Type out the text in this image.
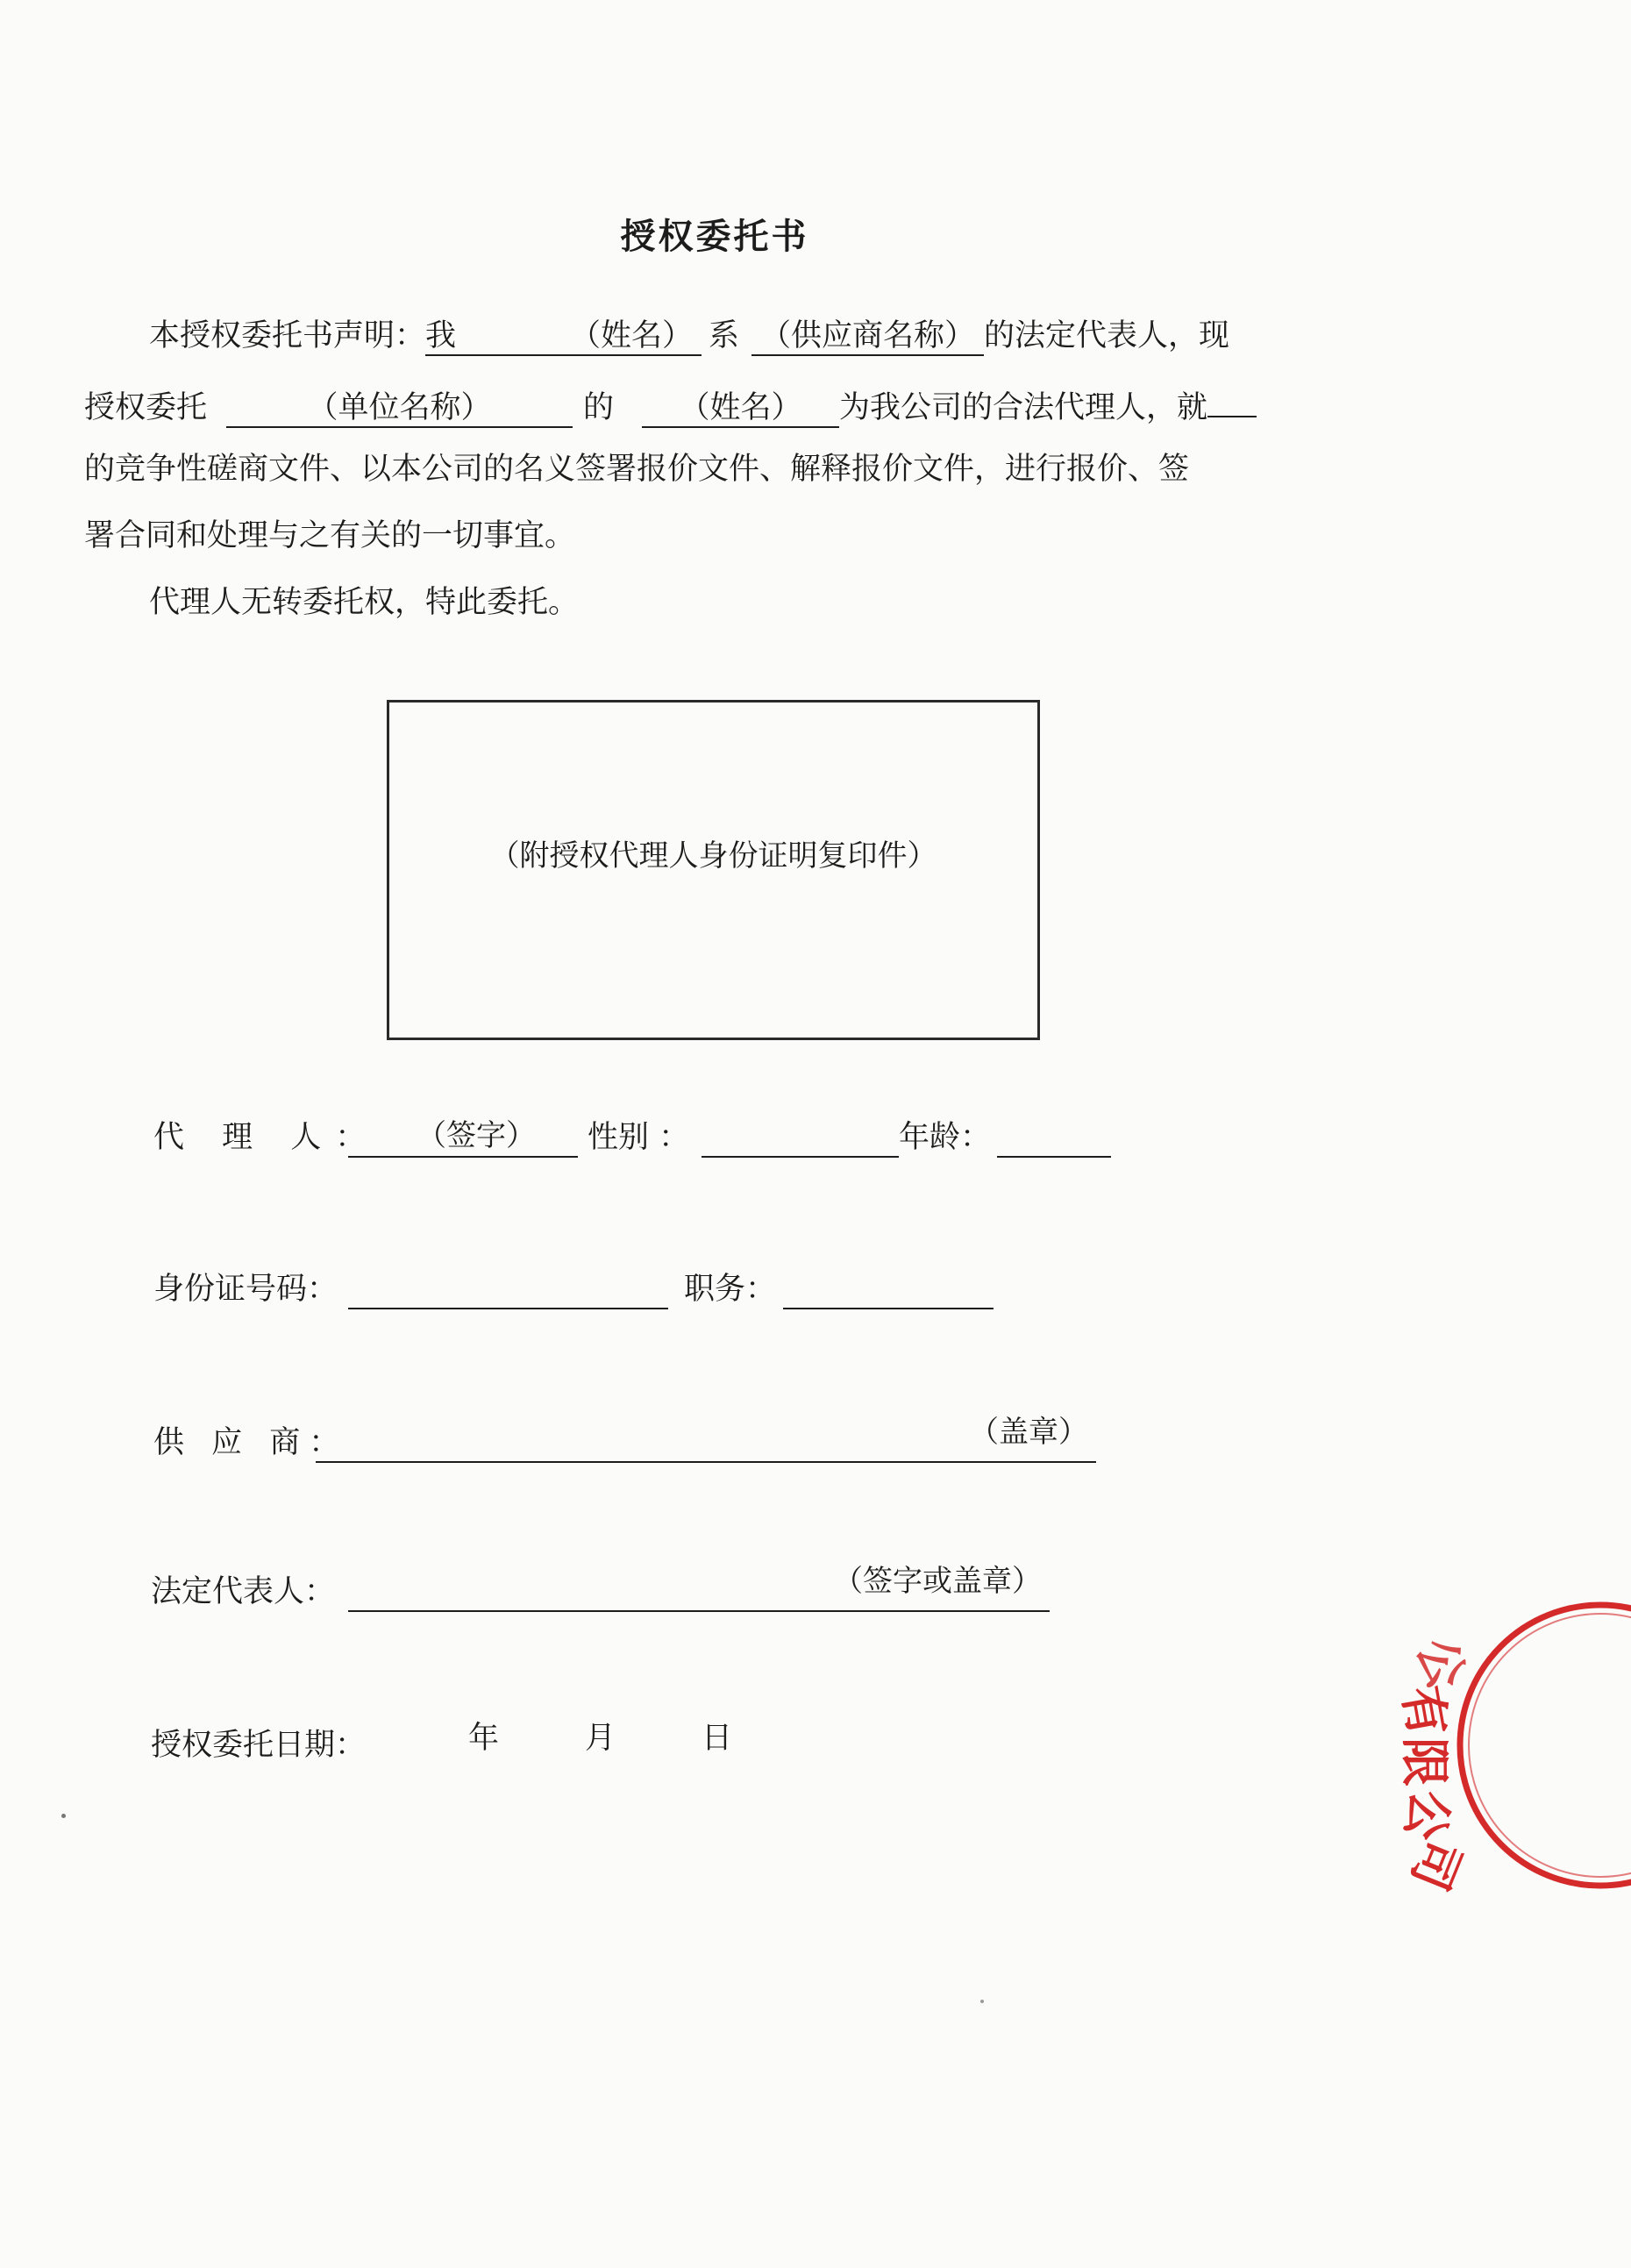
授权委托书
本授权委托书声明：我	（姓名） 系 （供应商名称） 的法定代表人，现
授权委托	（单位名称）	的 （姓名） 为我公司的合法代理人，就
的竞争性磋商文件、以本公司的名义签署报价文件、解释报价文件，进行报价、签
署合同和处理与之有关的一切事宜。
代理人无转委托权，特此委托。
（附授权代理人身份证明复印件）
代 理 人： （签字） 性别 ：	年龄：
身份证号码：	职务：
供 应 商：	（盖章）
法定代表人：	（签字或盖章）
授权委托日期：	年	月	日
公
有
限
公
司
